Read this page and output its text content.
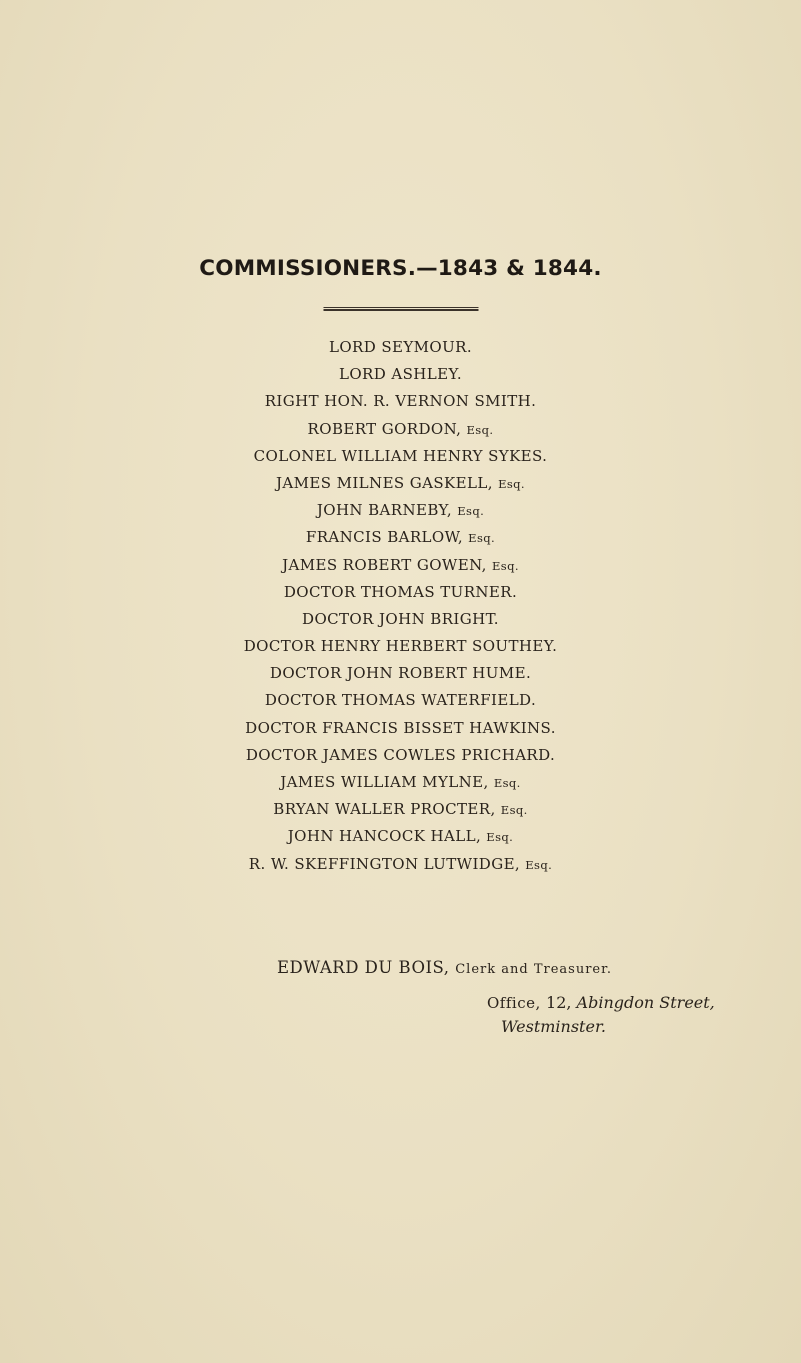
COMMISSIONERS.—1843 & 1844.
LORD SEYMOUR.
LORD ASHLEY.
RIGHT HON. R. VERNON SMITH.
ROBERT GORDON, Esq.
COLONEL WILLIAM HENRY SYKES.
JAMES MILNES GASKELL, Esq.
JOHN BARNEBY, Esq.
FRANCIS BARLOW, Esq.
JAMES ROBERT GOWEN, Esq.
DOCTOR THOMAS TURNER.
DOCTOR JOHN BRIGHT.
DOCTOR HENRY HERBERT SOUTHEY.
DOCTOR JOHN ROBERT HUME.
DOCTOR THOMAS WATERFIELD.
DOCTOR FRANCIS BISSET HAWKINS.
DOCTOR JAMES COWLES PRICHARD.
JAMES WILLIAM MYLNE, Esq.
BRYAN WALLER PROCTER, Esq.
JOHN HANCOCK HALL, Esq.
R. W. SKEFFINGTON LUTWIDGE, Esq.
EDWARD DU BOIS, Clerk and Treasurer.
Office, 12, Abingdon Street,
Westminster.
